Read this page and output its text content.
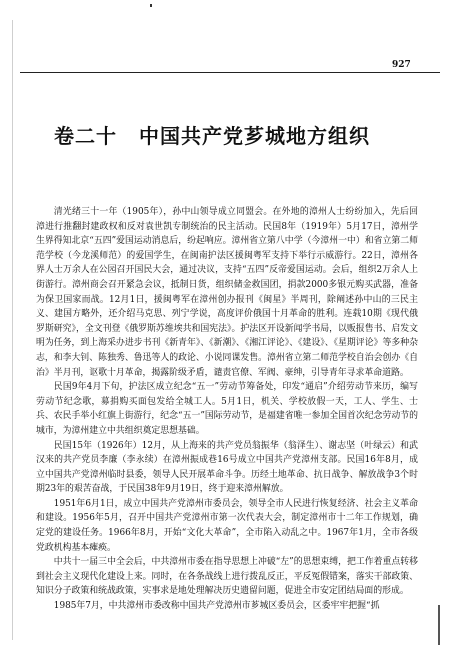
927
卷二十 中国共产党芗城地方组织

清光绪三十一年（1905年），孙中山领导成立同盟会。在外地的漳州人士纷纷加入，先后回漳进行推翻封建政权和反对袁世凯专制统治的民主活动。民国8年（1919年）5月17日，漳州学生界得知北京“五四”爱国运动消息后，纷起响应。漳州省立第八中学（今漳州一中）和省立第二师范学校（今龙溪师范）的爱国学生，在闽南护法区援闽粤军支持下举行示威游行。22日，漳州各界人士万余人在公园召开国民大会，通过决议，支持“五四”反帝爱国运动。会后，组织2万余人上街游行。漳州商会召开紧急会议，抵制日货，组织储金救国团，捐款2000多银元购买武器，准备为保卫国家而战。12月1日，援闽粤军在漳州创办报刊《闽星》半周刊，除阐述孙中山的三民主义、建国方略外，还介绍马克思、列宁学说，高度评价俄国十月革命的胜利。连载10期《现代俄罗斯研究》，全文刊登《俄罗斯苏维埃共和国宪法》。护法区开设新闻学书局，以贩报售书、启发文明为任务，到上海采办进步书刊《新青年》、《新潮》、《湘江评论》、《建设》、《星期评论》等多种杂志，和李大钊、陈独秀、鲁迅等人的政论、小说同课发售。漳州省立第二师范学校自治会创办《自治》半月刊，讴歌十月革命，揭露阶级矛盾，谴责官僚、军阀、豪绅，引导青年寻求革命道路。

民国9年4月下旬，护法区成立纪念“五一”劳动节筹备处，印发“通启”介绍劳动节来历，编写劳动节纪念歌，募捐购买面包发给全城工人。5月1日，机关、学校放假一天，工人、学生、士兵、农民手举小红旗上街游行，纪念“五一”国际劳动节，是福建省唯一参加全国首次纪念劳动节的城市，为漳州建立中共组织奠定思想基础。

民国15年（1926年）12月，从上海来的共产党员翁振华（翁泽生）、谢志坚（叶绿云）和武汉来的共产党员李廉（李永续）在漳州振成巷16号成立中国共产党漳州支部。民国16年8月，成立中国共产党漳州临时县委，领导人民开展革命斗争。历经土地革命、抗日战争、解放战争3个时期23年的艰苦奋战，于民国38年9月19日，终于迎来漳州解放。

1951年6月1日，成立中国共产党漳州市委员会，领导全市人民进行恢复经济、社会主义革命和建设。1956年5月，召开中国共产党漳州市第一次代表大会，制定漳州市十二年工作规划，确定党的建设任务。1966年8月，开始“文化大革命”，全市陷入动乱之中。1967年1月，全市各级党政机构基本瘫痪。

中共十一届三中全会后，中共漳州市委在指导思想上冲破“左”的思想束缚，把工作着重点转移到社会主义现代化建设上来。同时，在各条战线上进行拨乱反正，平反冤假错案，落实干部政策、知识分子政策和统战政策，实事求是地处理解决历史遗留问题，促进全市安定团结局面的形成。

1985年7月，中共漳州市委改称中国共产党漳州市芗城区委员会，区委牢牢把握“抓
